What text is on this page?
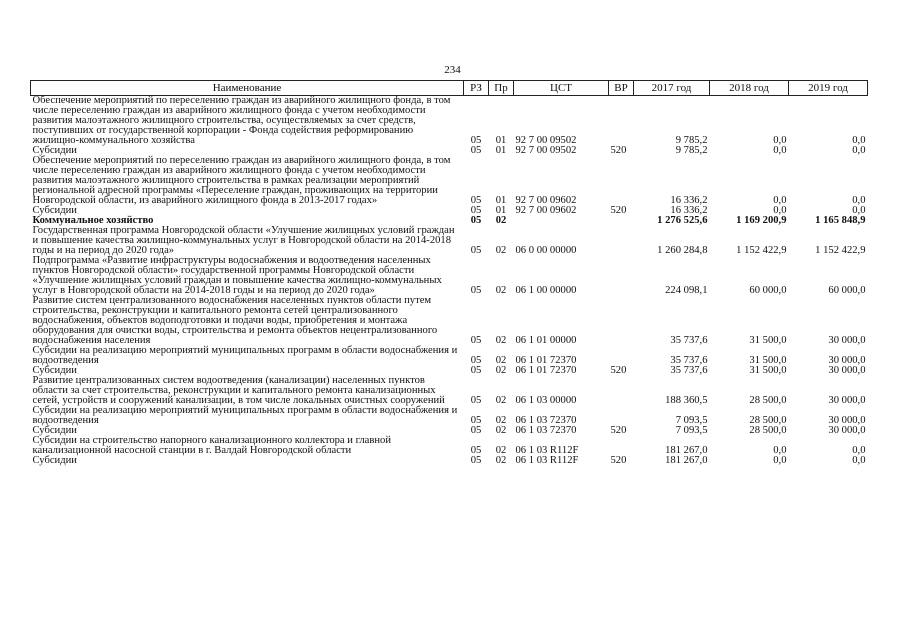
234
Наименование	РЗ	Пр	ЦСТ	ВР	2017 год	2018 год	2019 год
Обеспечение мероприятий по переселению граждан из аварийного жилищного фонда, в том числе переселению граждан из аварийного жилищного фонда с учетом необходимости развития малоэтажного жилищного строительства, осуществляемых за счет средств, поступивших от государственной корпорации - Фонда содействия реформированию жилищно-коммунального хозяйства	05	01	92 7 00 09502		9 785,2	0,0	0,0
Субсидии	05	01	92 7 00 09502	520	9 785,2	0,0	0,0
Обеспечение мероприятий по переселению граждан из аварийного жилищного фонда, в том числе переселению граждан из аварийного жилищного фонда с учетом необходимости развития малоэтажного жилищного строительства в рамках реализации мероприятий региональной адресной программы «Переселение граждан, проживающих на территории Новгородской области, из аварийного жилищного фонда в 2013-2017 годах»	05	01	92 7 00 09602		16 336,2	0,0	0,0
Субсидии	05	01	92 7 00 09602	520	16 336,2	0,0	0,0
Коммунальное хозяйство	05	02			1 276 525,6	1 169 200,9	1 165 848,9
Государственная программа Новгородской области «Улучшение жилищных условий граждан и повышение качества жилищно-коммунальных услуг в Новгородской области на 2014-2018 годы и на период до 2020 года»	05	02	06 0 00 00000		1 260 284,8	1 152 422,9	1 152 422,9
Подпрограмма «Развитие инфраструктуры водоснабжения и водоотведения населенных пунктов Новгородской области» государственной программы Новгородской области «Улучшение жилищных условий граждан и повышение качества жилищно-коммунальных услуг в Новгородской области на 2014-2018 годы и на период до 2020 года»	05	02	06 1 00 00000		224 098,1	60 000,0	60 000,0
Развитие систем централизованного водоснабжения населенных пунктов области путем строительства, реконструкции и капитального ремонта сетей централизованного водоснабжения, объектов водоподготовки и подачи воды, приобретения и монтажа оборудования для очистки воды, строительства и ремонта объектов нецентрализованного водоснабжения населения	05	02	06 1 01 00000		35 737,6	31 500,0	30 000,0
Субсидии на реализацию мероприятий муниципальных программ в области водоснабжения и водоотведения	05	02	06 1 01 72370		35 737,6	31 500,0	30 000,0
Субсидии	05	02	06 1 01 72370	520	35 737,6	31 500,0	30 000,0
Развитие централизованных систем водоотведения (канализации) населенных пунктов области за счет строительства, реконструкции и капитального ремонта канализационных сетей, устройств и сооружений канализации, в том числе локальных очистных сооружений	05	02	06 1 03 00000		188 360,5	28 500,0	30 000,0
Субсидии на реализацию мероприятий муниципальных программ в области водоснабжения и водоотведения	05	02	06 1 03 72370		7 093,5	28 500,0	30 000,0
Субсидии	05	02	06 1 03 72370	520	7 093,5	28 500,0	30 000,0
Субсидии на строительство напорного канализационного коллектора и главной канализационной насосной станции в г. Валдай Новгородской области	05	02	06 1 03 R112F		181 267,0	0,0	0,0
Субсидии	05	02	06 1 03 R112F	520	181 267,0	0,0	0,0
